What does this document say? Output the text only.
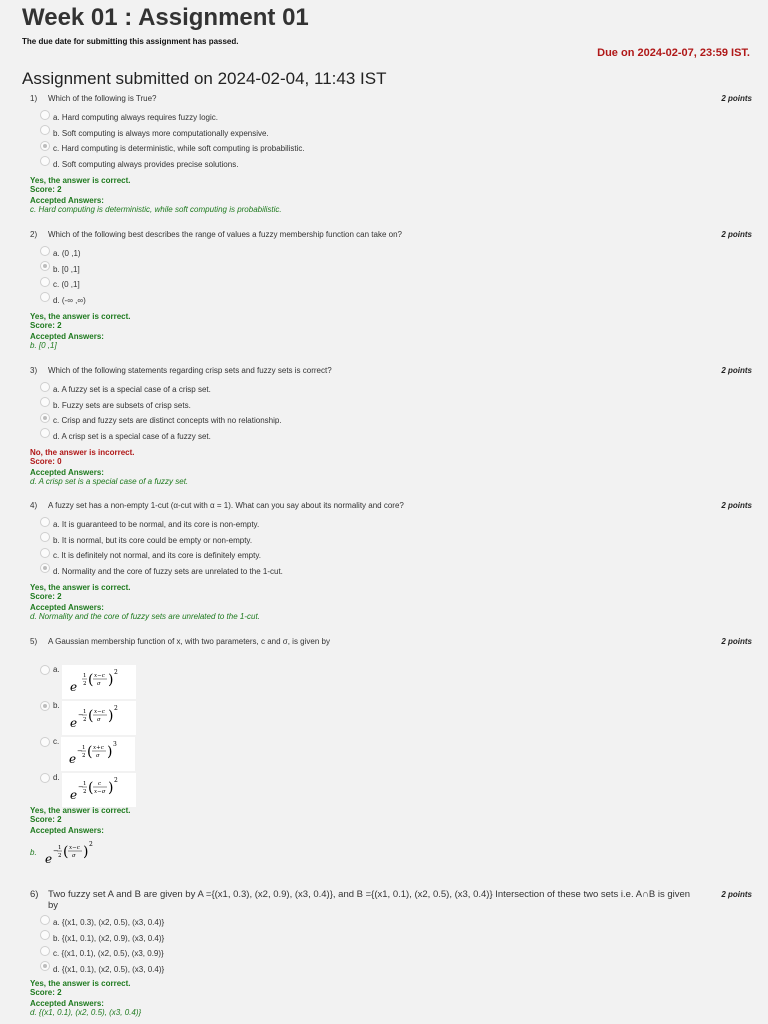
Week 01 : Assignment 01
The due date for submitting this assignment has passed.
Due on 2024-02-07, 23:59 IST.
Assignment submitted on 2024-02-04, 11:43 IST
1) Which of the following is True?	2 points
a. Hard computing always requires fuzzy logic.
b. Soft computing is always more computationally expensive.
c. Hard computing is deterministic, while soft computing is probabilistic.
d. Soft computing always provides precise solutions.
Yes, the answer is correct.
Score: 2
Accepted Answers:
c. Hard computing is deterministic, while soft computing is probabilistic.
2) Which of the following best describes the range of values a fuzzy membership function can take on?	2 points
a. (0 ,1)
b. [0 ,1]
c. (0 ,1]
d. (-∞ ,∞)
Yes, the answer is correct.
Score: 2
Accepted Answers:
b. [0 ,1]
3) Which of the following statements regarding crisp sets and fuzzy sets is correct?	2 points
a. A fuzzy set is a special case of a crisp set.
b. Fuzzy sets are subsets of crisp sets.
c. Crisp and fuzzy sets are distinct concepts with no relationship.
d. A crisp set is a special case of a fuzzy set.
No, the answer is incorrect.
Score: 0
Accepted Answers:
d. A crisp set is a special case of a fuzzy set.
4) A fuzzy set has a non-empty 1-cut (α-cut with α = 1). What can you say about its normality and core?	2 points
a. It is guaranteed to be normal, and its core is non-empty.
b. It is normal, but its core could be empty or non-empty.
c. It is definitely not normal, and its core is definitely empty.
d. Normality and the core of fuzzy sets are unrelated to the 1-cut.
Yes, the answer is correct.
Score: 2
Accepted Answers:
d. Normality and the core of fuzzy sets are unrelated to the 1-cut.
5) A Gaussian membership function of x, with two parameters, c and σ, is given by	2 points
a.
e
1
2 ( x−c
σ ) 2
b.
e
− 1
2 ( x−c
σ ) 2
c.
e
− 1
2 ( x+c
σ ) 3
d.
e
− 1
2 ( c
x−σ ) 2
Yes, the answer is correct.
Score: 2
Accepted Answers:
b. e
− 1
2 ( x−c
σ ) 2
6) Two fuzzy set A and B are given by A ={(x1, 0.3), (x2, 0.9), (x3, 0.4)}, and B ={(x1, 0.1), (x2, 0.5), (x3, 0.4)} Intersection of these two sets i.e. A∩B is given by
2 points
a. {(x1, 0.3), (x2, 0.5), (x3, 0.4)}
b. {(x1, 0.1), (x2, 0.9), (x3, 0.4)}
c. {(x1, 0.1), (x2, 0.5), (x3, 0.9)}
d. {(x1, 0.1), (x2, 0.5), (x3, 0.4)}
Yes, the answer is correct.
Score: 2
Accepted Answers:
d. {(x1, 0.1), (x2, 0.5), (x3, 0.4)}
